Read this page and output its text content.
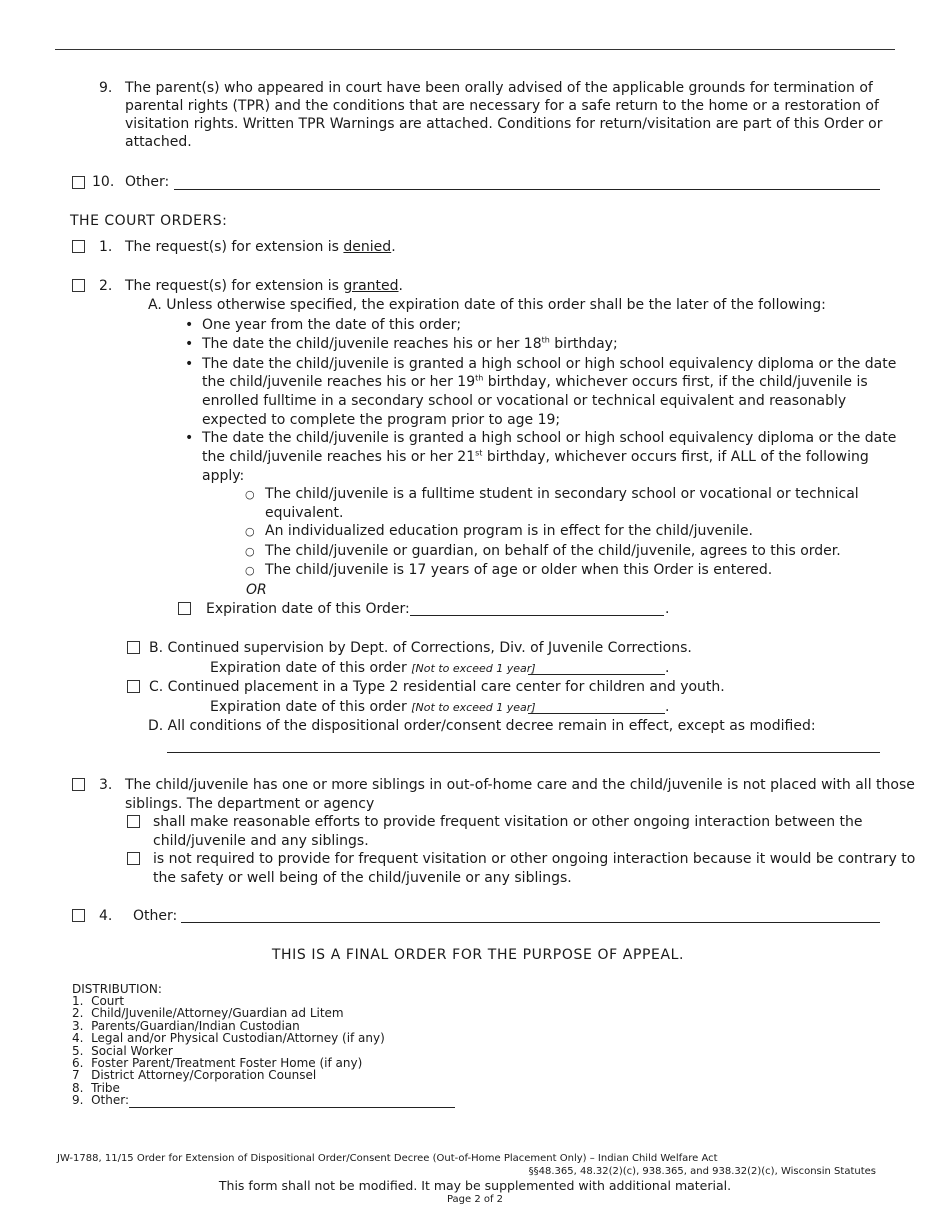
9. The parent(s) who appeared in court have been orally advised of the applicable grounds for termination of parental rights (TPR) and the conditions that are necessary for a safe return to the home or a restoration of visitation rights. Written TPR Warnings are attached. Conditions for return/visitation are part of this Order or attached.
10. Other:
THE COURT ORDERS:
1. The request(s) for extension is denied.
2. The request(s) for extension is granted.
A. Unless otherwise specified, the expiration date of this order shall be the later of the following:
• One year from the date of this order;
• The date the child/juvenile reaches his or her 18th birthday;
• The date the child/juvenile is granted a high school or high school equivalency diploma or the date
the child/juvenile reaches his or her 19th birthday, whichever occurs first, if the child/juvenile is
enrolled fulltime in a secondary school or vocational or technical equivalent and reasonably
expected to complete the program prior to age 19;
• The date the child/juvenile is granted a high school or high school equivalency diploma or the date
the child/juvenile reaches his or her 21st birthday, whichever occurs first, if ALL of the following
apply:
○ The child/juvenile is a fulltime student in secondary school or vocational or technical
equivalent.
○ An individualized education program is in effect for the child/juvenile.
○ The child/juvenile or guardian, on behalf of the child/juvenile, agrees to this order.
○ The child/juvenile is 17 years of age or older when this Order is entered.
OR
Expiration date of this Order:	.
B. Continued supervision by Dept. of Corrections, Div. of Juvenile Corrections.
Expiration date of this order [Not to exceed 1 year]	.
C. Continued placement in a Type 2 residential care center for children and youth.
Expiration date of this order [Not to exceed 1 year]	.
D. All conditions of the dispositional order/consent decree remain in effect, except as modified:
3. The child/juvenile has one or more siblings in out-of-home care and the child/juvenile is not placed with all those
siblings. The department or agency
shall make reasonable efforts to provide frequent visitation or other ongoing interaction between the
child/juvenile and any siblings.
is not required to provide for frequent visitation or other ongoing interaction because it would be contrary to
the safety or well being of the child/juvenile or any siblings.
4. Other:
THIS IS A FINAL ORDER FOR THE PURPOSE OF APPEAL.
DISTRIBUTION:
1.  Court
2.  Child/Juvenile/Attorney/Guardian ad Litem
3.  Parents/Guardian/Indian Custodian
4.  Legal and/or Physical Custodian/Attorney (if any)
5.  Social Worker
6.  Foster Parent/Treatment Foster Home (if any)
7   District Attorney/Corporation Counsel
8.  Tribe
9.  Other:
JW-1788, 11/15 Order for Extension of Dispositional Order/Consent Decree (Out-of-Home Placement Only) – Indian Child Welfare Act
§§48.365, 48.32(2)(c), 938.365, and 938.32(2)(c), Wisconsin Statutes
This form shall not be modified. It may be supplemented with additional material.
Page 2 of 2
